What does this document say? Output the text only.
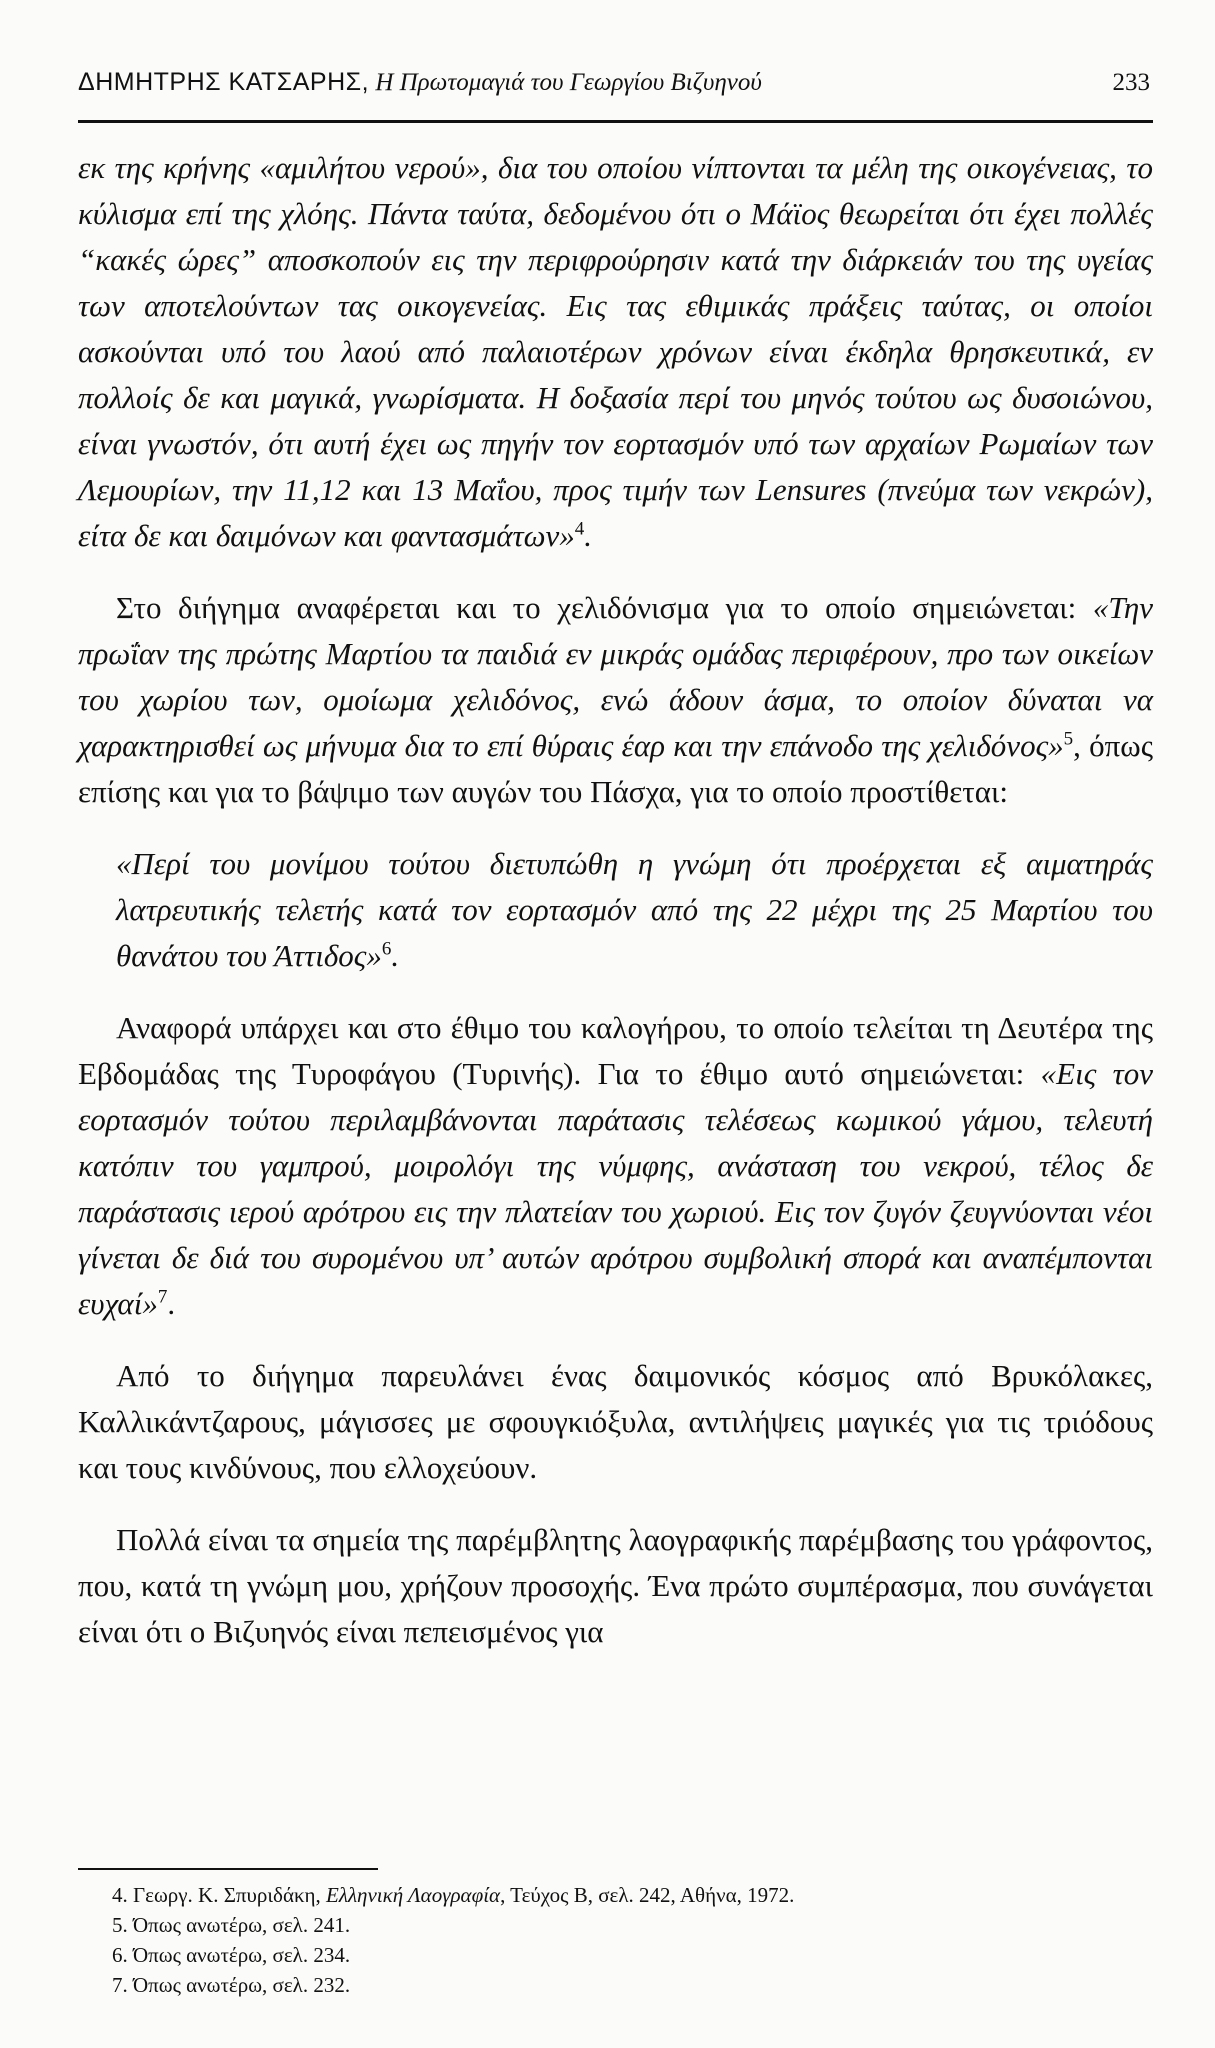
ΔΗΜΗΤΡΗΣ ΚΑΤΣΑΡΗΣ, Η Πρωτομαγιά του Γεωργίου Βιζυηνού	233

εκ της κρήνης «αμιλήτου νερού», δια του οποίου νίπτονται τα μέλη της οικογένειας, το κύλισμα επί της χλόης. Πάντα ταύτα, δεδομένου ότι ο Μάϊος θεωρείται ότι έχει πολλές “κακές ώρες” αποσκοπούν εις την περιφρούρησιν κατά την διάρκειάν του της υγείας των αποτελούντων τας οικογενείας. Εις τας εθιμικάς πράξεις ταύτας, οι οποίοι ασκούνται υπό του λαού από παλαιοτέρων χρόνων είναι έκδηλα θρησκευτικά, εν πολλοίς δε και μαγικά, γνωρίσματα. Η δοξασία περί του μηνός τούτου ως δυσοιώνου, είναι γνωστόν, ότι αυτή έχει ως πηγήν τον εορτασμόν υπό των αρχαίων Ρωμαίων των Λεμουρίων, την 11,12 και 13 Μαΐου, προς τιμήν των Lensures (πνεύμα των νεκρών), είτα δε και δαιμόνων και φαντασμάτων»$^4$.

Στο διήγημα αναφέρεται και το χελιδόνισμα για το οποίο σημειώνεται: «Την πρωΐαν της πρώτης Μαρτίου τα παιδιά εν μικράς ομάδας περιφέρουν, προ των οικείων του χωρίου των, ομοίωμα χελιδόνος, ενώ άδουν άσμα, το οποίον δύναται να χαρακτηρισθεί ως μήνυμα δια το επί θύραις έαρ και την επάνοδο της χελιδόνος»$^5$, όπως επίσης και για το βάψιμο των αυγών του Πάσχα, για το οποίο προστίθεται:

«Περί του μονίμου τούτου διετυπώθη η γνώμη ότι προέρχεται εξ αιματηράς λατρευτικής τελετής κατά τον εορτασμόν από της 22 μέχρι της 25 Μαρτίου του θανάτου του Άττιδος»$^6$.

Αναφορά υπάρχει και στο έθιμο του καλογήρου, το οποίο τελείται τη Δευτέρα της Εβδομάδας της Τυροφάγου (Τυρινής). Για το έθιμο αυτό σημειώνεται: «Εις τον εορτασμόν τούτου περιλαμβάνονται παράτασις τελέσεως κωμικού γάμου, τελευτή κατόπιν του γαμπρού, μοιρολόγι της νύμφης, ανάσταση του νεκρού, τέλος δε παράστασις ιερού αρότρου εις την πλατείαν του χωριού. Εις τον ζυγόν ζευγνύονται νέοι γίνεται δε διά του συρομένου υπ’ αυτών αρότρου συμβολική σπορά και αναπέμπονται ευχαί»$^7$.

Από το διήγημα παρευλάνει ένας δαιμονικός κόσμος από Βρυκόλακες, Καλλικάντζαρους, μάγισσες με σφουγκιόξυλα, αντιλήψεις μαγικές για τις τριόδους και τους κινδύνους, που ελλοχεύουν.

Πολλά είναι τα σημεία της παρέμβλητης λαογραφικής παρέμβασης του γράφοντος, που, κατά τη γνώμη μου, χρήζουν προσοχής. Ένα πρώτο συμπέρασμα, που συνάγεται είναι ότι ο Βιζυηνός είναι πεπεισμένος για

4. Γεωργ. Κ. Σπυριδάκη, Ελληνική Λαογραφία, Τεύχος Β, σελ. 242, Αθήνα, 1972.
5. Όπως ανωτέρω, σελ. 241.
6. Όπως ανωτέρω, σελ. 234.
7. Όπως ανωτέρω, σελ. 232.
